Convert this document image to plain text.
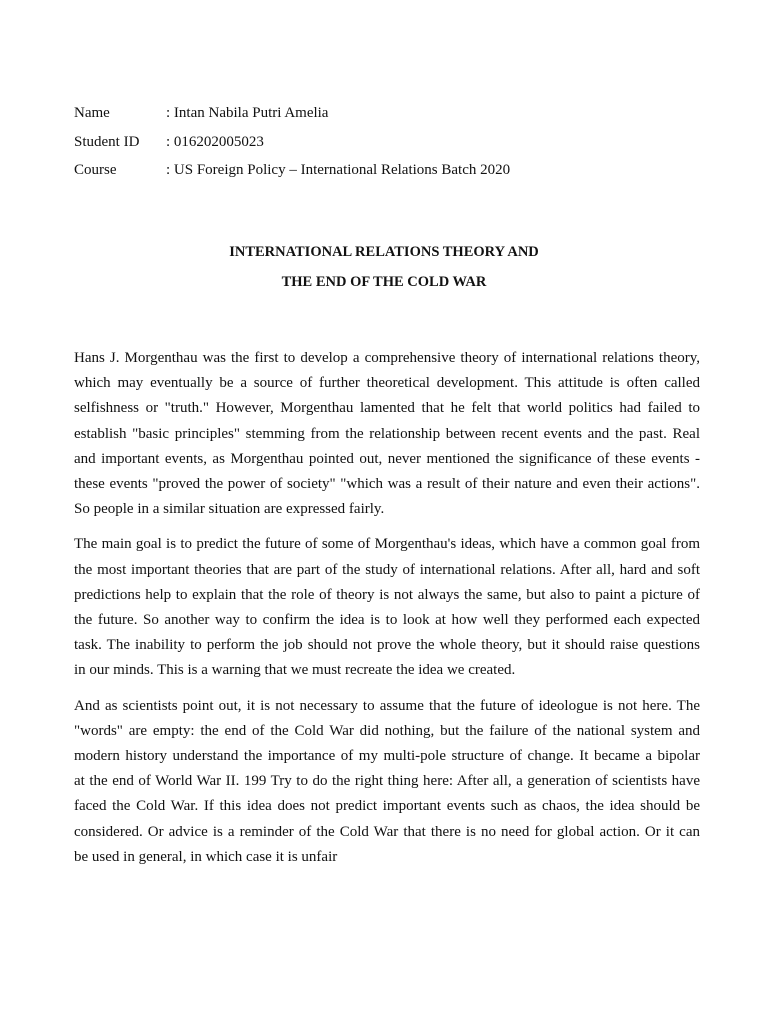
Name	: Intan Nabila Putri Amelia
Student ID	: 016202005023
Course	: US Foreign Policy – International Relations Batch 2020
INTERNATIONAL RELATIONS THEORY AND
THE END OF THE COLD WAR

Hans J. Morgenthau was the first to develop a comprehensive theory of international relations theory,
which may eventually be a source of further theoretical development. This attitude is often called
selfishness or "truth." However, Morgenthau lamented that he felt that world politics had failed to
establish "basic principles" stemming from the relationship between recent events and the past. Real
and important events, as Morgenthau pointed out, never mentioned the significance of these events -
these events "proved the power of society" "which was a result of their nature and even their actions".
So people in a similar situation are expressed fairly.

The main goal is to predict the future of some of Morgenthau's ideas, which have a common goal from
the most important theories that are part of the study of international relations. After all, hard and soft
predictions help to explain that the role of theory is not always the same, but also to paint a picture of
the future. So another way to confirm the idea is to look at how well they performed each expected
task. The inability to perform the job should not prove the whole theory, but it should raise questions
in our minds. This is a warning that we must recreate the idea we created.

And as scientists point out, it is not necessary to assume that the future of ideologue is not here. The
"words" are empty: the end of the Cold War did nothing, but the failure of the national system and
modern history understand the importance of my multi-pole structure of change. It became a bipolar
at the end of World War II. 199 Try to do the right thing here: After all, a generation of scientists have
faced the Cold War. If this idea does not predict important events such as chaos, the idea should be
considered. Or advice is a reminder of the Cold War that there is no need for global action. Or it can
be used in general, in which case it is unfair
